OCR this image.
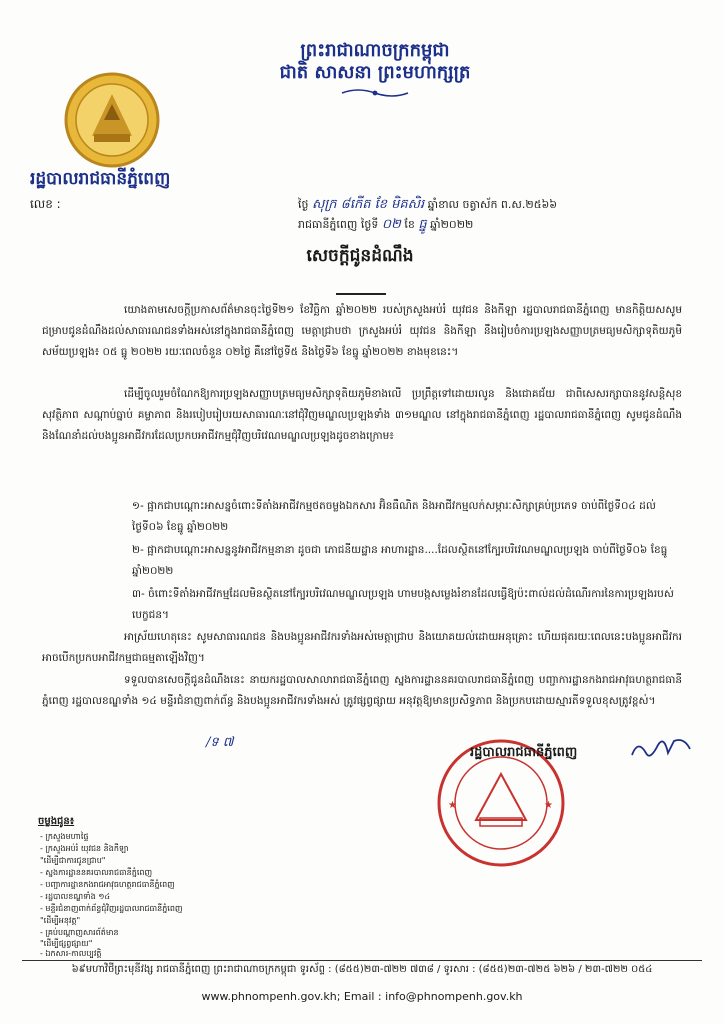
ព្រះរាជាណាចក្រកម្ពុជា
ជាតិ សាសនា ព្រះមហាក្សត្រ
រដ្ឋបាលរាជធានីភ្នំពេញ
លេខ :	ថ្ងៃ សុក្រ ៨កើត ខែ មិគសិរ ឆ្នាំខាល ចត្វាស័ក ព.ស.២៥៦៦
រាជធានីភ្នំពេញ ថ្ងៃទី ០២ ខែ ធ្នូ ឆ្នាំ២០២២
សេចក្តីជូនដំណឹង

យោងតាមសេចក្តីប្រកាសព័ត៌មានចុះថ្ងៃទី២១ ខែវិច្ឆិកា ឆ្នាំ២០២២ របស់ក្រសួងអប់រំ យុវជន និងកីឡា រដ្ឋបាលរាជធានីភ្នំពេញ មានកិត្តិយសសូមជម្រាបជូនដំណឹងដល់សាធារណជនទាំងអស់នៅក្នុងរាជធានីភ្នំពេញ មេត្តាជ្រាបថា ក្រសួងអប់រំ យុវជន និងកីឡា នឹងរៀបចំការប្រឡងសញ្ញាបត្រមធ្យមសិក្សាទុតិយភូមិ សម័យប្រឡង៖ ០៥ ធ្នូ ២០២២ រយៈពេលចំនួន ០២ថ្ងៃ គឺនៅថ្ងៃទី៥ និងថ្ងៃទី៦ ខែធ្នូ ឆ្នាំ២០២២ ខាងមុខនេះ។

ដើម្បីចូលរួមចំណែកឱ្យការប្រឡងសញ្ញាបត្រមធ្យមសិក្សាទុតិយភូមិខាងលើ ប្រព្រឹត្តទៅដោយរលូន និងជោគជ័យ ជាពិសេសរក្សាបាននូវសន្តិសុខ សុវត្ថិភាព សណ្តាប់ធ្នាប់ គម្លាភាព និងរបៀបរៀបរយសាធារណៈនៅជុំវិញមណ្ឌលប្រឡងទាំង ៣១មណ្ឌល នៅក្នុងរាជធានីភ្នំពេញ រដ្ឋបាលរាជធានីភ្នំពេញ សូមជូនដំណឹង និងណែនាំដល់បងប្អូនអាជីវករដែលប្រកបអាជីវកម្មជុំវិញបរិវេណមណ្ឌលប្រឡងដូចខាងក្រោម៖

១- ផ្អាកជាបណ្តោះអាសន្នចំពោះទីតាំងអាជីវកម្មថតចម្លងឯកសារ អ៊ិនធឺណិត និងអាជីវកម្មលក់សម្ភារៈសិក្សាគ្រប់ប្រភេទ ចាប់ពីថ្ងៃទី០៤ ដល់ថ្ងៃទី០៦ ខែធ្នូ ឆ្នាំ២០២២

២- ផ្អាកជាបណ្តោះអាសន្ននូវអាជីវកម្មនានា ដូចជា ភោជនីយដ្ឋាន អាហារដ្ឋាន....ដែលស្ថិតនៅក្បែរបរិវេណមណ្ឌលប្រឡង ចាប់ពីថ្ងៃទី០៦ ខែធ្នូ ឆ្នាំ២០២២

៣- ចំពោះទីតាំងអាជីវកម្មដែលមិនស្ថិតនៅក្បែរបរិវេណមណ្ឌលប្រឡង ហាមបង្កសម្លេងរំខានដែលធ្វើឱ្យប៉ះពាល់ដល់ដំណើរការនៃការប្រឡងរបស់បេក្ខជន។

អាស្រ័យហេតុនេះ សូមសាធារណជន និងបងប្អូនអាជីវករទាំងអស់មេត្តាជ្រាប និងយោគយល់ដោយអនុគ្រោះ ហើយផុតរយៈពេលនេះបងប្អូនអាជីវករ អាចបើកប្រកបអាជីវកម្មជាធម្មតាឡើងវិញ។

ទទួលបានសេចក្តីជូនដំណឹងនេះ នាយករដ្ឋបាលសាលារាជធានីភ្នំពេញ ស្នងការដ្ឋាននគរបាលរាជធានីភ្នំពេញ បញ្ជាការដ្ឋានកងរាជអាវុធហត្ថរាជធានីភ្នំពេញ រដ្ឋបាលខណ្ឌទាំង ១៤ មន្ទីរជំនាញពាក់ព័ន្ធ និងបងប្អូនអាជីវករទាំងអស់ ត្រូវផ្សព្វផ្សាយ អនុវត្តឱ្យមានប្រសិទ្ធភាព និងប្រកបដោយស្មារតីទទួលខុសត្រូវខ្ពស់។

/ទ ៧
★	★
រដ្ឋបាលរាជធានីភ្នំពេញ
ចម្លងជូន៖

- ក្រសួងមហាផ្ទៃ

- ក្រសួងអប់រំ យុវជន និងកីឡា

"ដើម្បីជាការជូនជ្រាប"

- ស្នងការដ្ឋាននគរបាលរាជធានីភ្នំពេញ

- បញ្ជាការដ្ឋានកងរាជអាវុធហត្ថរាជធានីភ្នំពេញ

- រដ្ឋបាលខណ្ឌទាំង ១៤

- មន្ទីរជំនាញពាក់ព័ន្ធជុំវិញរដ្ឋបាលរាជធានីភ្នំពេញ

"ដើម្បីអនុវត្ត"

- គ្រប់បណ្តាញសារព័ត៌មាន

"ដើម្បីផ្សព្វផ្សាយ"

- ឯកសារ-កាលប្បវត្តិ

៦៩មហាវិថីព្រះមុនីវង្ស រាជធានីភ្នំពេញ ព្រះរាជាណាចក្រកម្ពុជា ទូរស័ព្ទ : (៨៥៥)២៣-៧២២ ៧៣៨ / ទូរសារ : (៨៥៥)២៣-៧២៥ ៦២៦ / ២៣-៧២២ ០៥៤
www.phnompenh.gov.kh; Email : info@phnompenh.gov.kh
